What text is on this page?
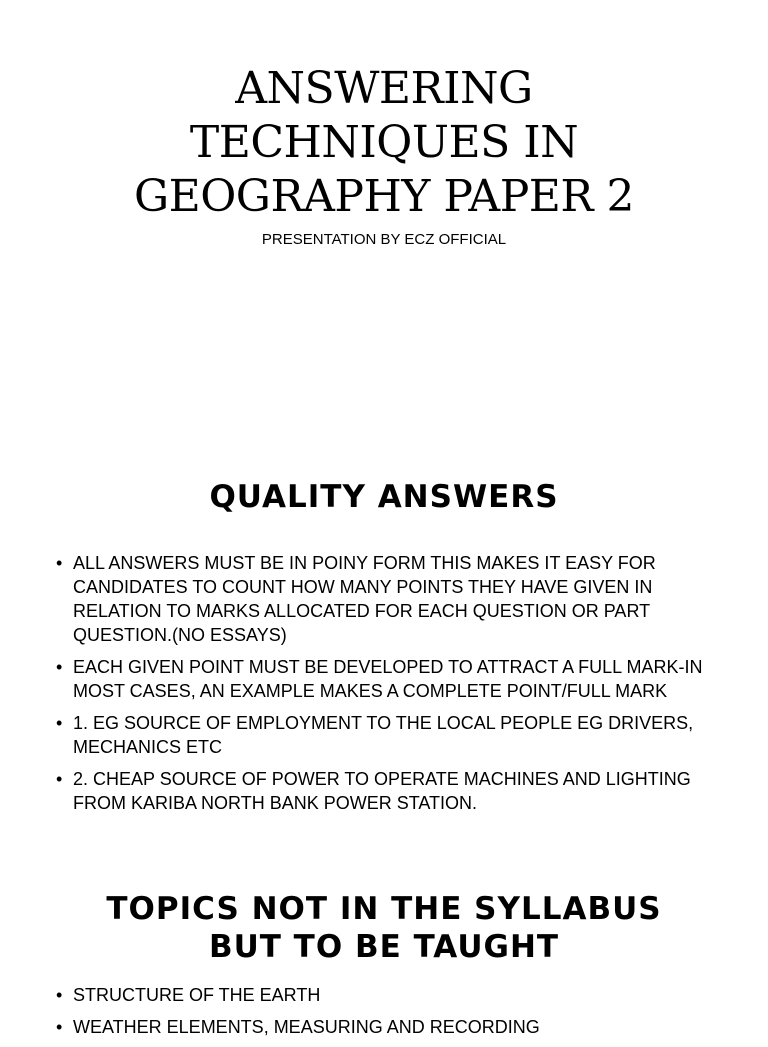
ANSWERING
TECHNIQUES IN
GEOGRAPHY PAPER 2

PRESENTATION BY ECZ OFFICIAL

QUALITY ANSWERS
• ALL ANSWERS MUST BE IN POINY FORM THIS MAKES IT EASY FOR CANDIDATES TO COUNT HOW MANY POINTS THEY HAVE GIVEN IN RELATION TO MARKS ALLOCATED FOR EACH QUESTION OR PART QUESTION.(NO ESSAYS)
• EACH GIVEN POINT MUST BE DEVELOPED TO ATTRACT A FULL MARK-IN MOST CASES, AN EXAMPLE MAKES A COMPLETE POINT/FULL MARK
• 1. EG SOURCE OF EMPLOYMENT TO THE LOCAL PEOPLE EG DRIVERS, MECHANICS ETC
• 2. CHEAP SOURCE OF POWER TO OPERATE MACHINES AND LIGHTING FROM KARIBA NORTH BANK POWER STATION.
TOPICS NOT IN THE SYLLABUS
BUT TO BE TAUGHT
• STRUCTURE OF THE EARTH
• WEATHER ELEMENTS, MEASURING AND RECORDING
